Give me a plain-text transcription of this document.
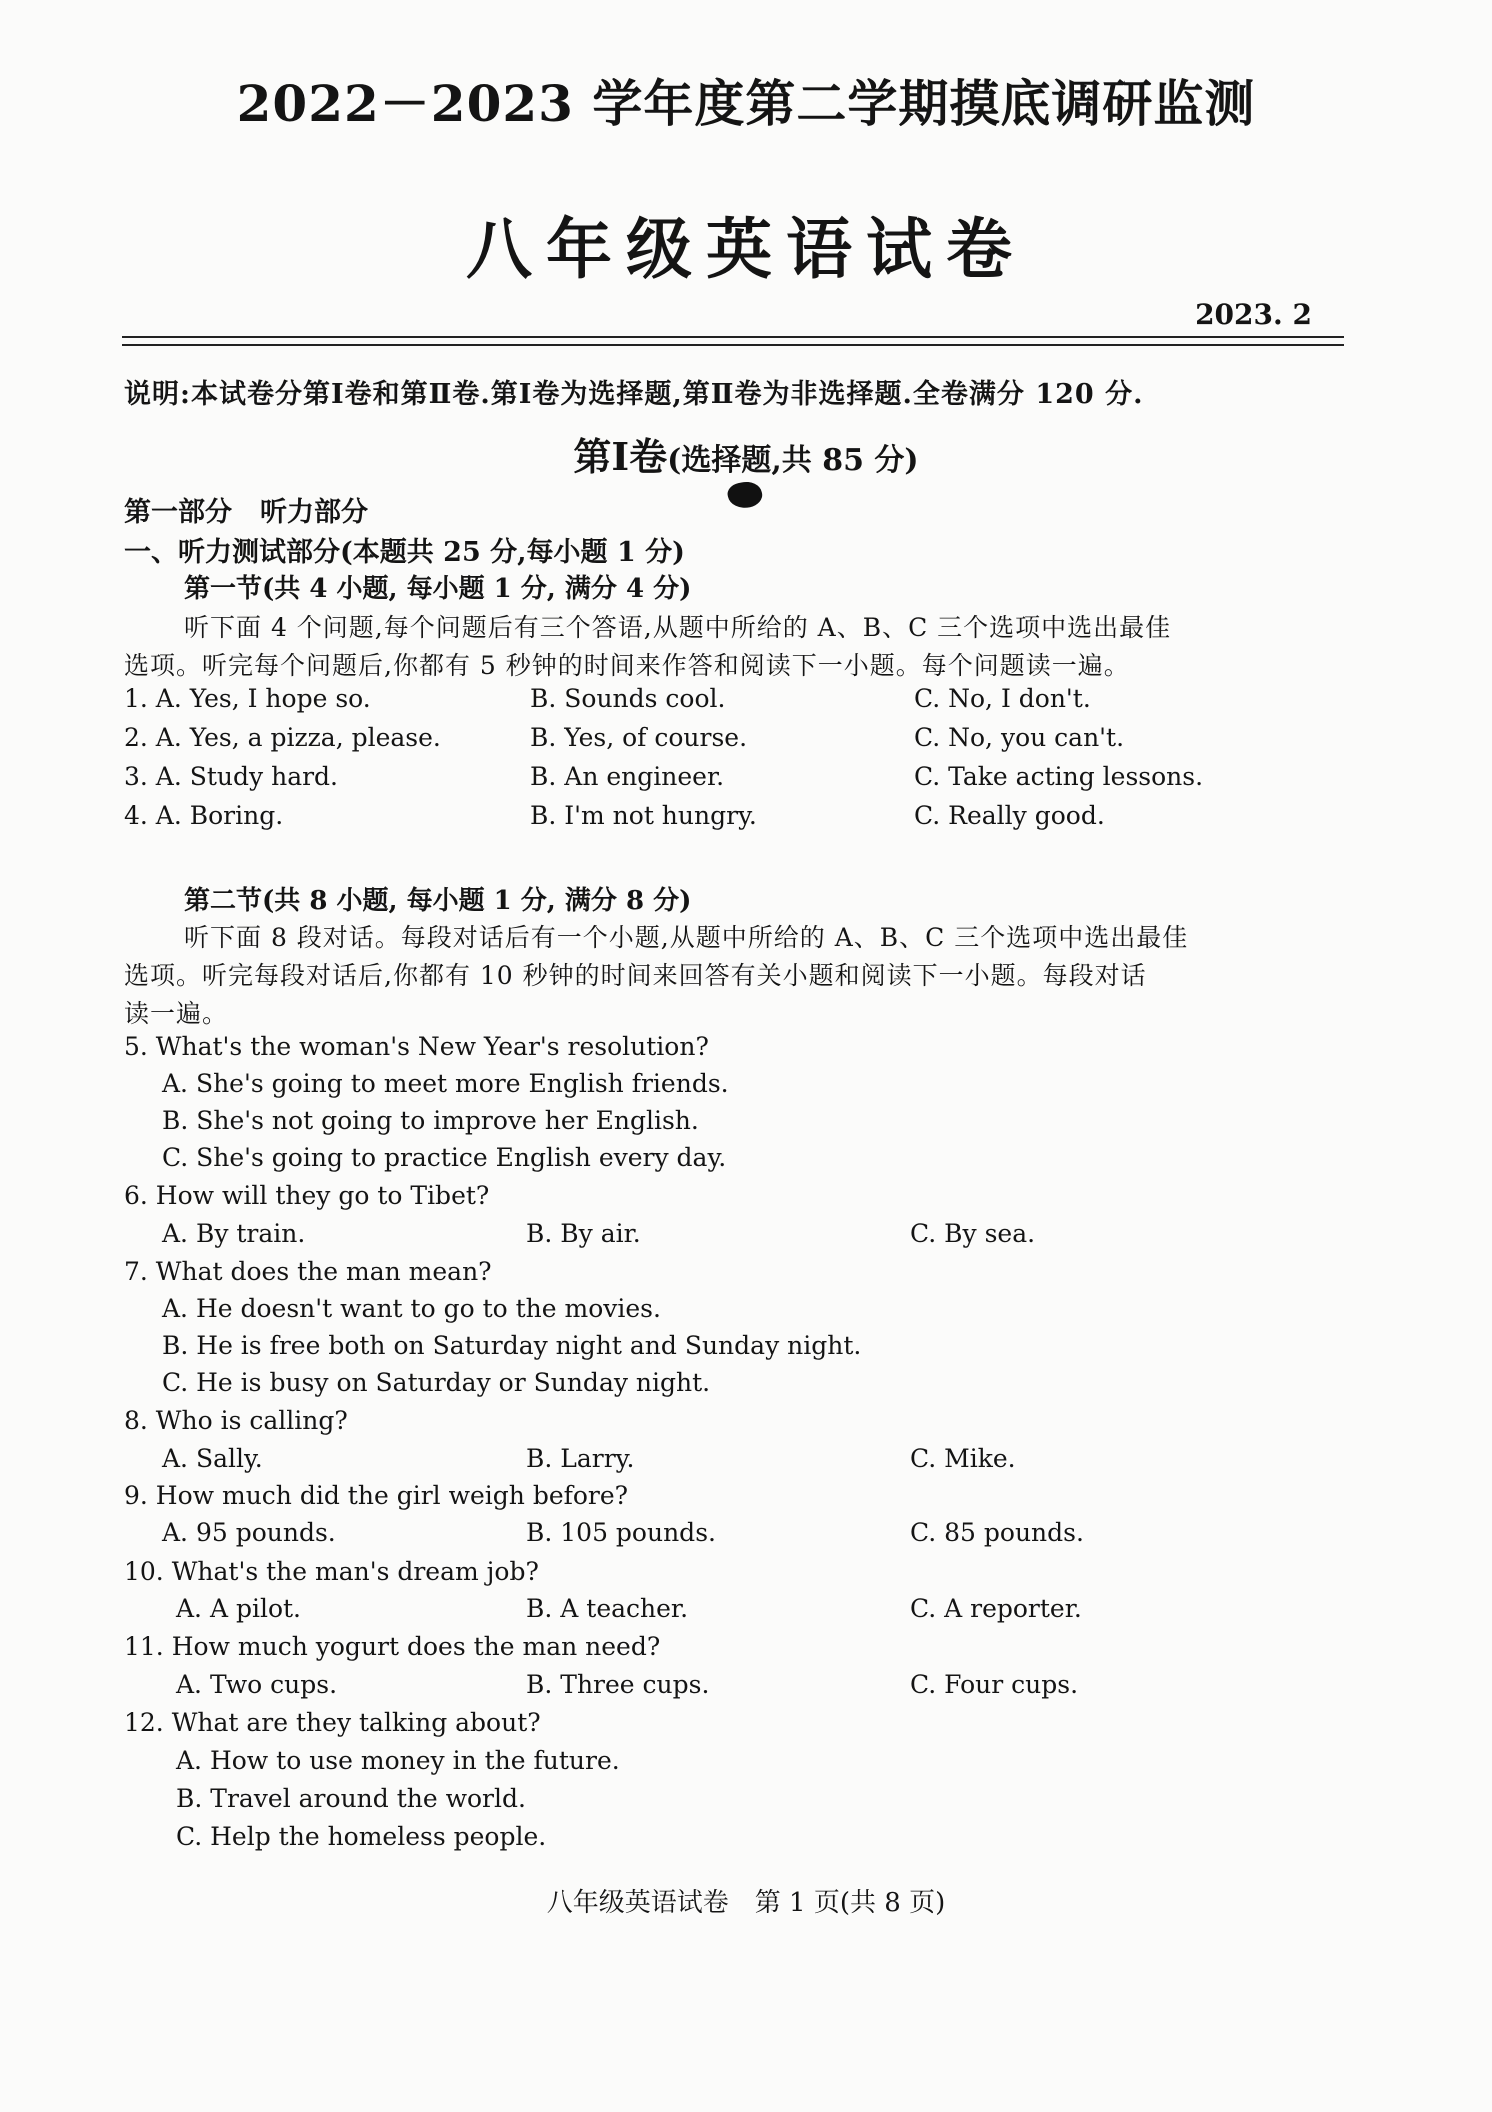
2022－2023 学年度第二学期摸底调研监测
八年级英语试卷
2023. 2
说明:本试卷分第Ⅰ卷和第Ⅱ卷.第Ⅰ卷为选择题,第Ⅱ卷为非选择题.全卷满分 120 分.
第Ⅰ卷(选择题,共 85 分)
第一部分 听力部分
一、听力测试部分(本题共 25 分,每小题 1 分)
第一节(共 4 小题, 每小题 1 分, 满分 4 分)
听下面 4 个问题,每个问题后有三个答语,从题中所给的 A、B、C 三个选项中选出最佳
选项。听完每个问题后,你都有 5 秒钟的时间来作答和阅读下一小题。每个问题读一遍。
1. A. Yes, I hope so.	B. Sounds cool.	C. No, I don't.
2. A. Yes, a pizza, please.	B. Yes, of course.	C. No, you can't.
3. A. Study hard.	B. An engineer.	C. Take acting lessons.
4. A. Boring.	B. I'm not hungry.	C. Really good.
第二节(共 8 小题, 每小题 1 分, 满分 8 分)
听下面 8 段对话。每段对话后有一个小题,从题中所给的 A、B、C 三个选项中选出最佳
选项。听完每段对话后,你都有 10 秒钟的时间来回答有关小题和阅读下一小题。每段对话
读一遍。
5. What's the woman's New Year's resolution?
A. She's going to meet more English friends.
B. She's not going to improve her English.
C. She's going to practice English every day.
6. How will they go to Tibet?
A. By train.	B. By air.	C. By sea.
7. What does the man mean?
A. He doesn't want to go to the movies.
B. He is free both on Saturday night and Sunday night.
C. He is busy on Saturday or Sunday night.
8. Who is calling?
A. Sally.	B. Larry.	C. Mike.
9. How much did the girl weigh before?
A. 95 pounds.	B. 105 pounds.	C. 85 pounds.
10. What's the man's dream job?
A. A pilot.	B. A teacher.	C. A reporter.
11. How much yogurt does the man need?
A. Two cups.	B. Three cups.	C. Four cups.
12. What are they talking about?
A. How to use money in the future.
B. Travel around the world.
C. Help the homeless people.
八年级英语试卷　第 1 页(共 8 页)
